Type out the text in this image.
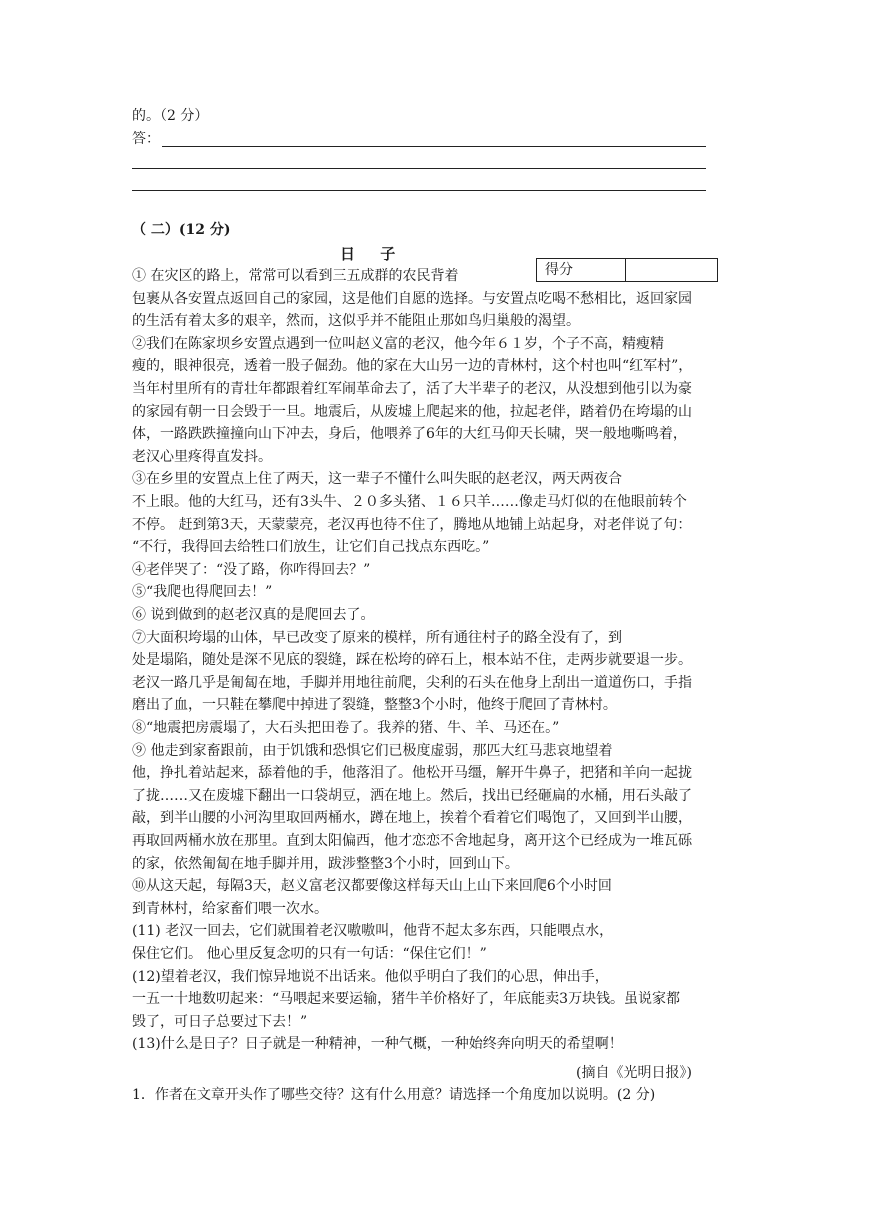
的。（2 分）
答：
（ 二）(12 分)
日 子
得分
① 在灾区的路上，常常可以看到三五成群的农民背着
包裹从各安置点返回自己的家园，这是他们自愿的选择。与安置点吃喝不愁相比，返回家园
的生活有着太多的艰辛，然而，这似乎并不能阻止那如鸟归巢般的渴望。
②我们在陈家坝乡安置点遇到一位叫赵义富的老汉，他今年６１岁，个子不高，精瘦精
瘦的，眼神很亮，透着一股子倔劲。他的家在大山另一边的青林村，这个村也叫“红军村”，
当年村里所有的青壮年都跟着红军闹革命去了，活了大半辈子的老汉，从没想到他引以为豪
的家园有朝一日会毁于一旦。地震后，从废墟上爬起来的他，拉起老伴，踏着仍在垮塌的山
体，一路跌跌撞撞向山下冲去，身后，他喂养了6年的大红马仰天长啸，哭一般地嘶鸣着，
老汉心里疼得直发抖。
③在乡里的安置点上住了两天，这一辈子不懂什么叫失眠的赵老汉，两天两夜合
不上眼。他的大红马，还有3头牛、２０多头猪、１６只羊……像走马灯似的在他眼前转个
不停。 赶到第3天，天蒙蒙亮，老汉再也待不住了，腾地从地铺上站起身，对老伴说了句：
“不行，我得回去给牲口们放生，让它们自己找点东西吃。”
④老伴哭了：“没了路，你咋得回去？”
⑤“我爬也得爬回去！”
⑥ 说到做到的赵老汉真的是爬回去了。
⑦大面积垮塌的山体，早已改变了原来的模样，所有通往村子的路全没有了，到
处是塌陷，随处是深不见底的裂缝，踩在松垮的碎石上，根本站不住，走两步就要退一步。
老汉一路几乎是匍匐在地，手脚并用地往前爬，尖利的石头在他身上刮出一道道伤口，手指
磨出了血，一只鞋在攀爬中掉进了裂缝，整整3个小时，他终于爬回了青林村。
⑧“地震把房震塌了，大石头把田卷了。我养的猪、牛、羊、马还在。”
⑨ 他走到家畜跟前，由于饥饿和恐惧它们已极度虚弱，那匹大红马悲哀地望着
他，挣扎着站起来，舔着他的手，他落泪了。他松开马缰，解开牛鼻子，把猪和羊向一起拢
了拢……又在废墟下翻出一口袋胡豆，洒在地上。然后，找出已经砸扁的水桶，用石头敲了
敲，到半山腰的小河沟里取回两桶水，蹲在地上，挨着个看着它们喝饱了，又回到半山腰，
再取回两桶水放在那里。直到太阳偏西，他才恋恋不舍地起身，离开这个已经成为一堆瓦砾
的家，依然匍匐在地手脚并用，跋涉整整3个小时，回到山下。
⑩从这天起，每隔3天，赵义富老汉都要像这样每天山上山下来回爬6个小时回
到青林村，给家畜们喂一次水。
(11) 老汉一回去，它们就围着老汉嗷嗷叫，他背不起太多东西，只能喂点水，
保住它们。 他心里反复念叨的只有一句话：“保住它们！”
(12)望着老汉，我们惊异地说不出话来。他似乎明白了我们的心思，伸出手，
一五一十地数叨起来：“马喂起来要运输，猪牛羊价格好了，年底能卖3万块钱。虽说家都
毁了，可日子总要过下去！”
(13)什么是日子？日子就是一种精神，一种气概，一种始终奔向明天的希望啊！
(摘自《光明日报》)
1．作者在文章开头作了哪些交待？这有什么用意？请选择一个角度加以说明。(2 分)
